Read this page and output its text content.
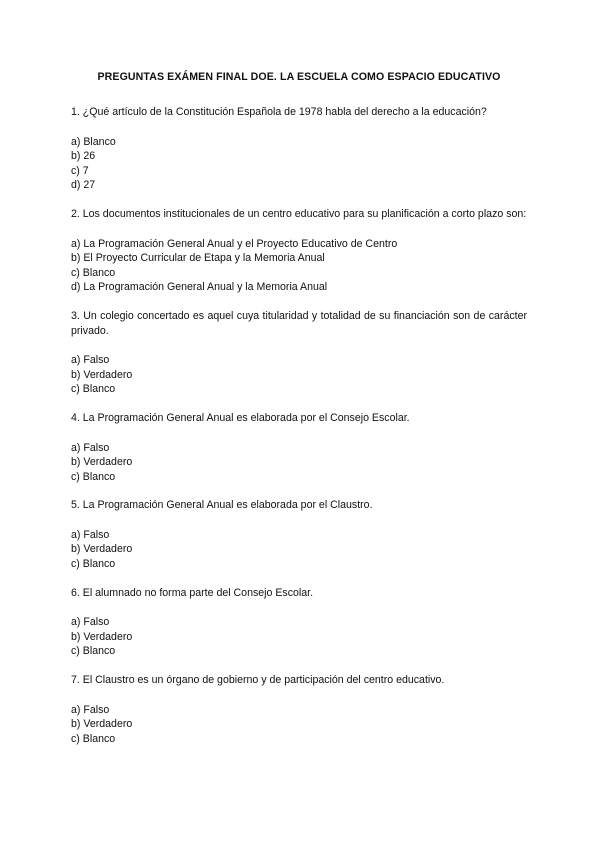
PREGUNTAS EXÁMEN FINAL DOE. LA ESCUELA COMO ESPACIO EDUCATIVO
1. ¿Qué artículo de la Constitución Española de 1978 habla del derecho a la educación?
a) Blanco
b) 26
c) 7
d) 27
2. Los documentos institucionales de un centro educativo para su planificación a corto plazo son:
a) La Programación General Anual y el Proyecto Educativo de Centro
b) El Proyecto Curricular de Etapa y la Memoria Anual
c) Blanco
d) La Programación General Anual y la Memoria Anual
3. Un colegio concertado es aquel cuya titularidad y totalidad de su financiación son de carácter privado.
a) Falso
b) Verdadero
c) Blanco
4. La Programación General Anual es elaborada por el Consejo Escolar.
a) Falso
b) Verdadero
c) Blanco
5. La Programación General Anual es elaborada por el Claustro.
a) Falso
b) Verdadero
c) Blanco
6. El alumnado no forma parte del Consejo Escolar.
a) Falso
b) Verdadero
c) Blanco
7. El Claustro es un órgano de gobierno y de participación del centro educativo.
a) Falso
b) Verdadero
c) Blanco
